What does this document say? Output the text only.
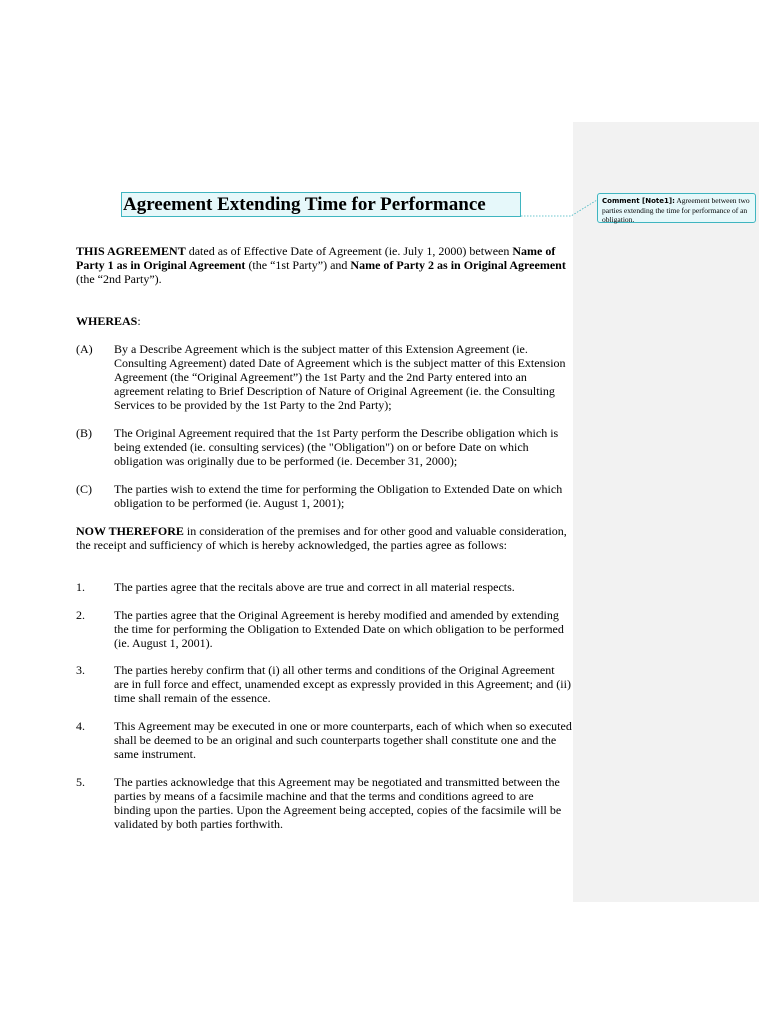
Comment [Note1]: Agreement between two parties extending the time for performance of an obligation.
Agreement Extending Time for Performance
THIS AGREEMENT dated as of Effective Date of Agreement (ie. July 1, 2000) between Name of Party 1 as in Original Agreement (the “1st Party”) and Name of Party 2 as in Original Agreement (the “2nd Party”).
WHEREAS:
(A) By a Describe Agreement which is the subject matter of this Extension Agreement (ie. Consulting Agreement) dated Date of Agreement which is the subject matter of this Extension Agreement (the “Original Agreement”) the 1st Party and the 2nd Party entered into an agreement relating to Brief Description of Nature of Original Agreement (ie. the Consulting Services to be provided by the 1st Party to the 2nd Party);
(B) The Original Agreement required that the 1st Party perform the Describe obligation which is being extended (ie. consulting services) (the "Obligation") on or before Date on which obligation was originally due to be performed (ie. December 31, 2000);
(C) The parties wish to extend the time for performing the Obligation to Extended Date on which obligation to be performed (ie. August 1, 2001);
NOW THEREFORE in consideration of the premises and for other good and valuable consideration, the receipt and sufficiency of which is hereby acknowledged, the parties agree as follows:
1. The parties agree that the recitals above are true and correct in all material respects.
2. The parties agree that the Original Agreement is hereby modified and amended by extending the time for performing the Obligation to Extended Date on which obligation to be performed (ie. August 1, 2001).
3. The parties hereby confirm that (i) all other terms and conditions of the Original Agreement are in full force and effect, unamended except as expressly provided in this Agreement; and (ii) time shall remain of the essence.
4. This Agreement may be executed in one or more counterparts, each of which when so executed shall be deemed to be an original and such counterparts together shall constitute one and the same instrument.
5. The parties acknowledge that this Agreement may be negotiated and transmitted between the parties by means of a facsimile machine and that the terms and conditions agreed to are binding upon the parties. Upon the Agreement being accepted, copies of the facsimile will be validated by both parties forthwith.
